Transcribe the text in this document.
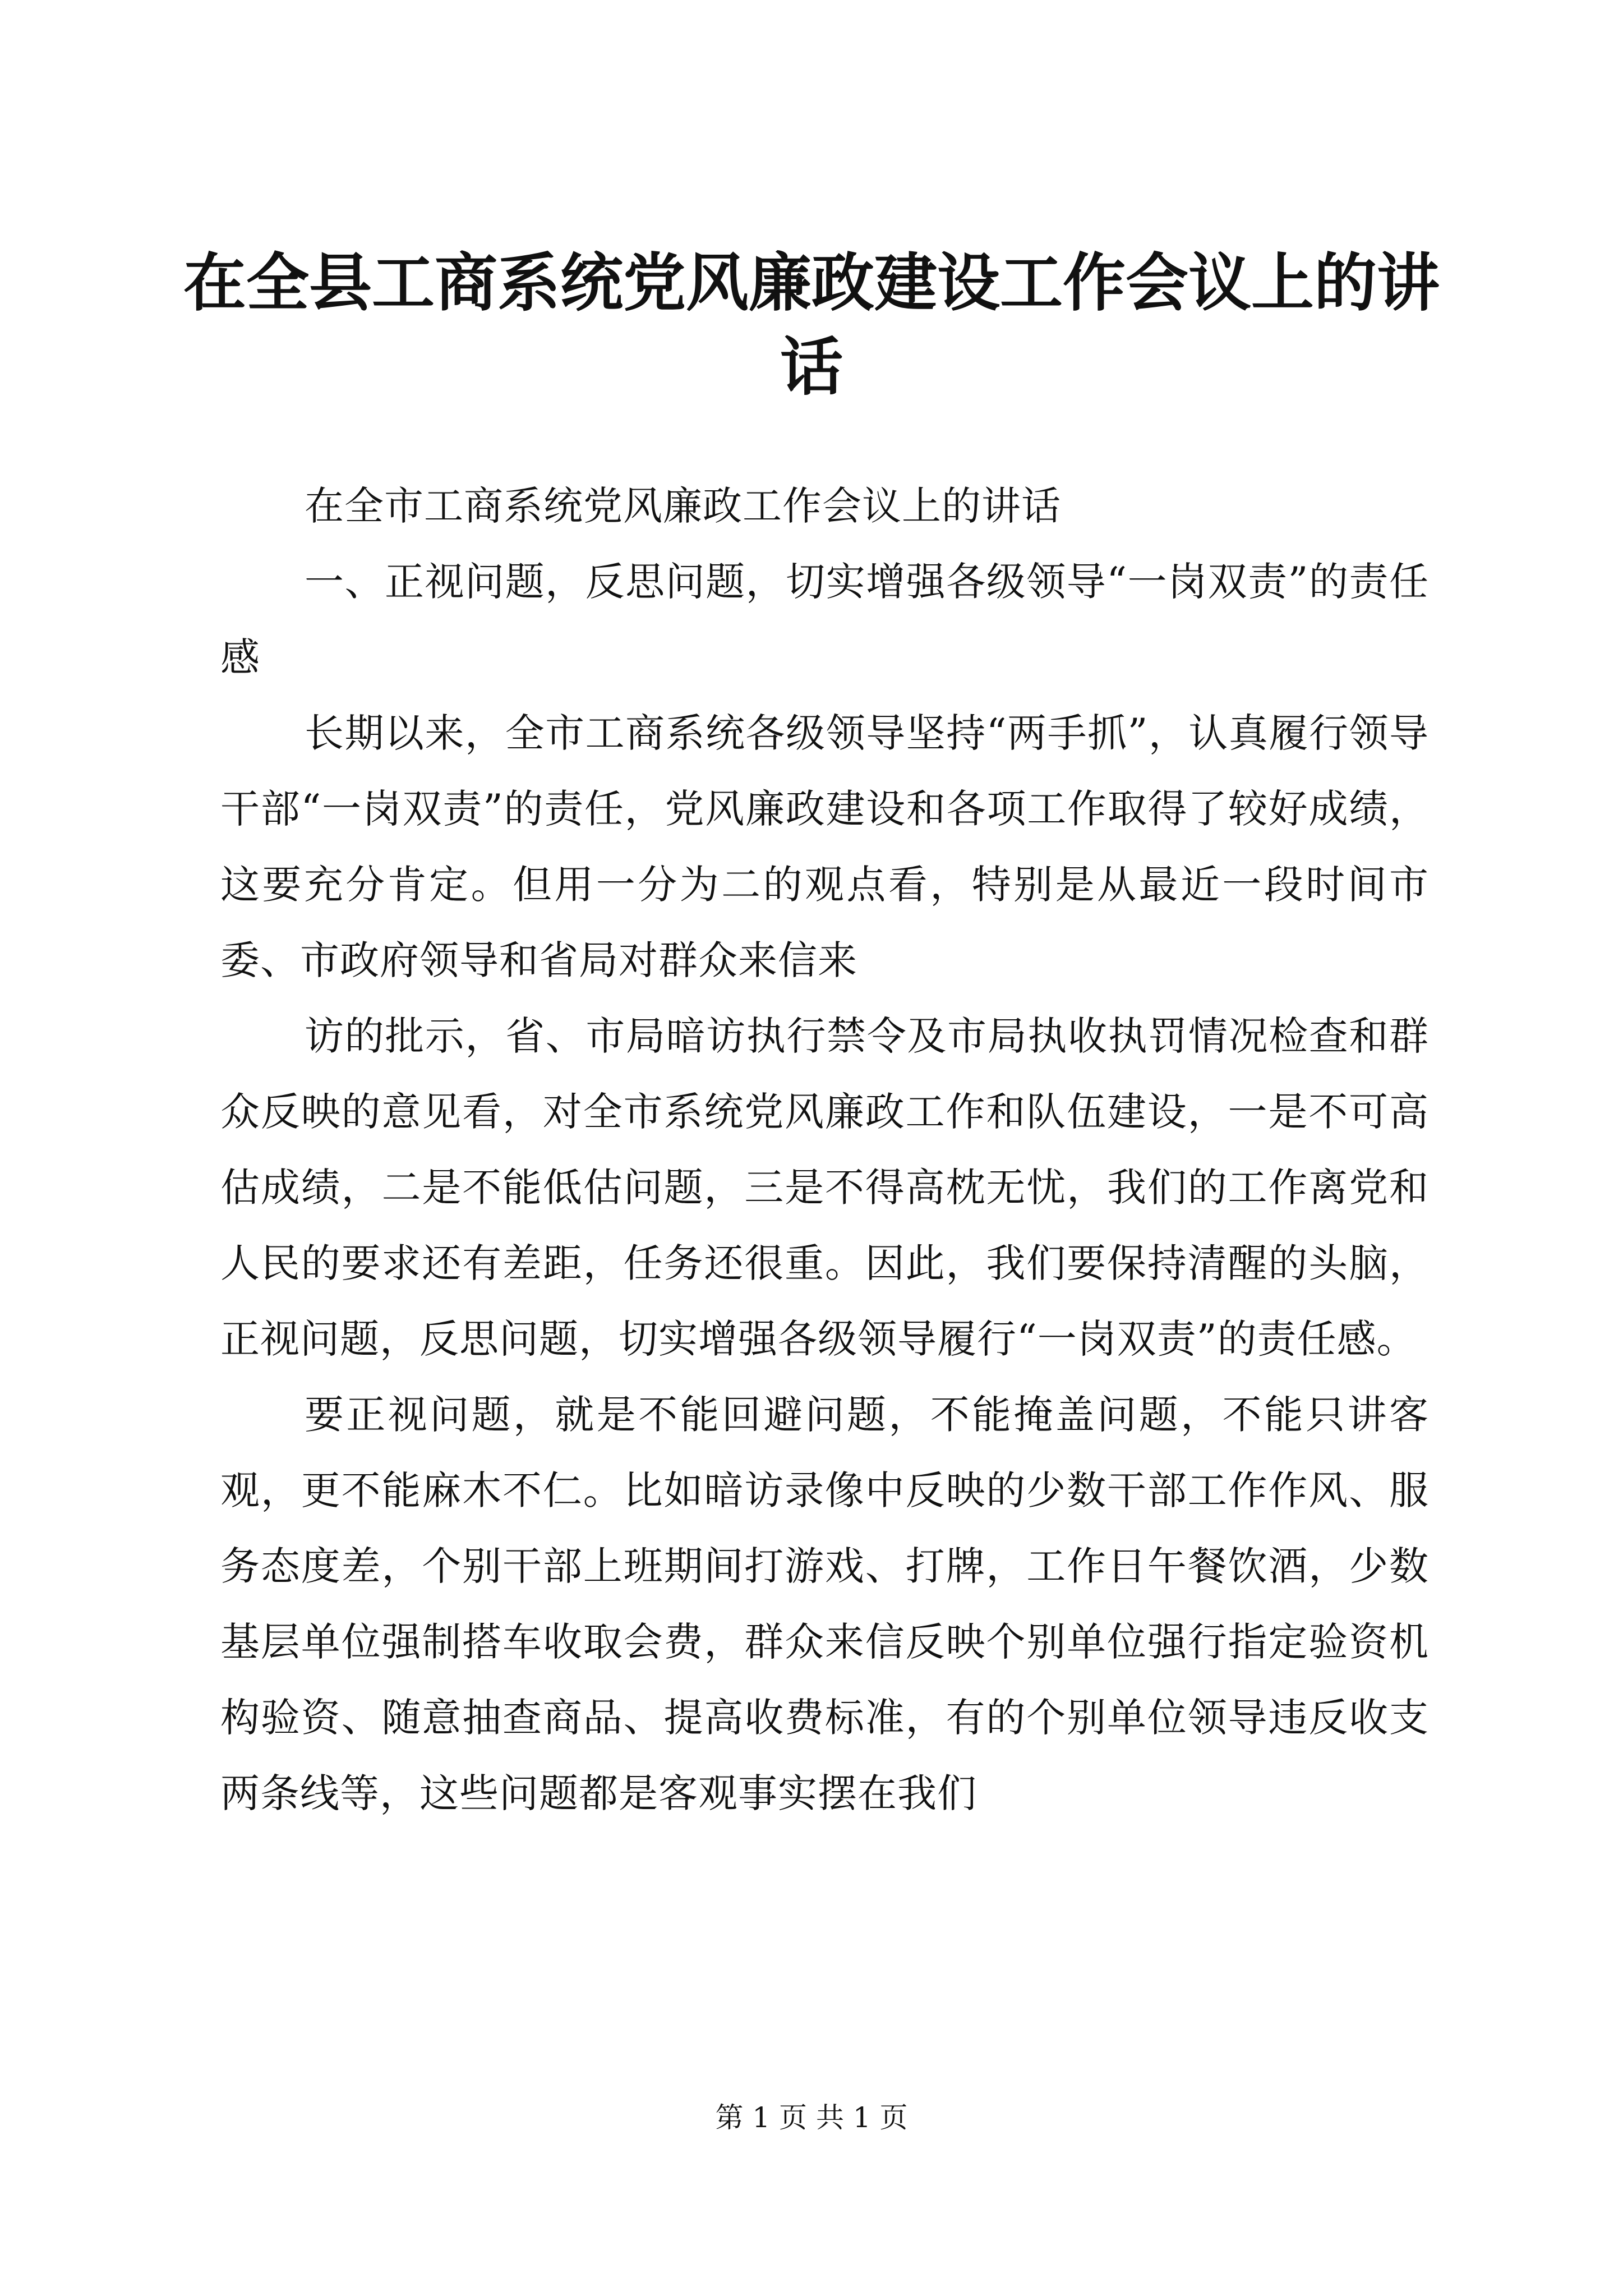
在全县工商系统党风廉政建设工作会议上的讲话

在全市工商系统党风廉政工作会议上的讲话

一、正视问题，反思问题，切实增强各级领导“一岗双责”的责任感

长期以来，全市工商系统各级领导坚持“两手抓”，认真履行领导干部“一岗双责”的责任，党风廉政建设和各项工作取得了较好成绩，这要充分肯定。但用一分为二的观点看，特别是从最近一段时间市委、市政府领导和省局对群众来信来

访的批示，省、市局暗访执行禁令及市局执收执罚情况检查和群众反映的意见看，对全市系统党风廉政工作和队伍建设，一是不可高估成绩，二是不能低估问题，三是不得高枕无忧，我们的工作离党和人民的要求还有差距，任务还很重。因此，我们要保持清醒的头脑，正视问题，反思问题，切实增强各级领导履行“一岗双责”的责任感。

要正视问题，就是不能回避问题，不能掩盖问题，不能只讲客观，更不能麻木不仁。比如暗访录像中反映的少数干部工作作风、服务态度差，个别干部上班期间打游戏、打牌，工作日午餐饮酒，少数基层单位强制搭车收取会费，群众来信反映个别单位强行指定验资机构验资、随意抽查商品、提高收费标准，有的个别单位领导违反收支两条线等，这些问题都是客观事实摆在我们

第 1 页 共 1 页
